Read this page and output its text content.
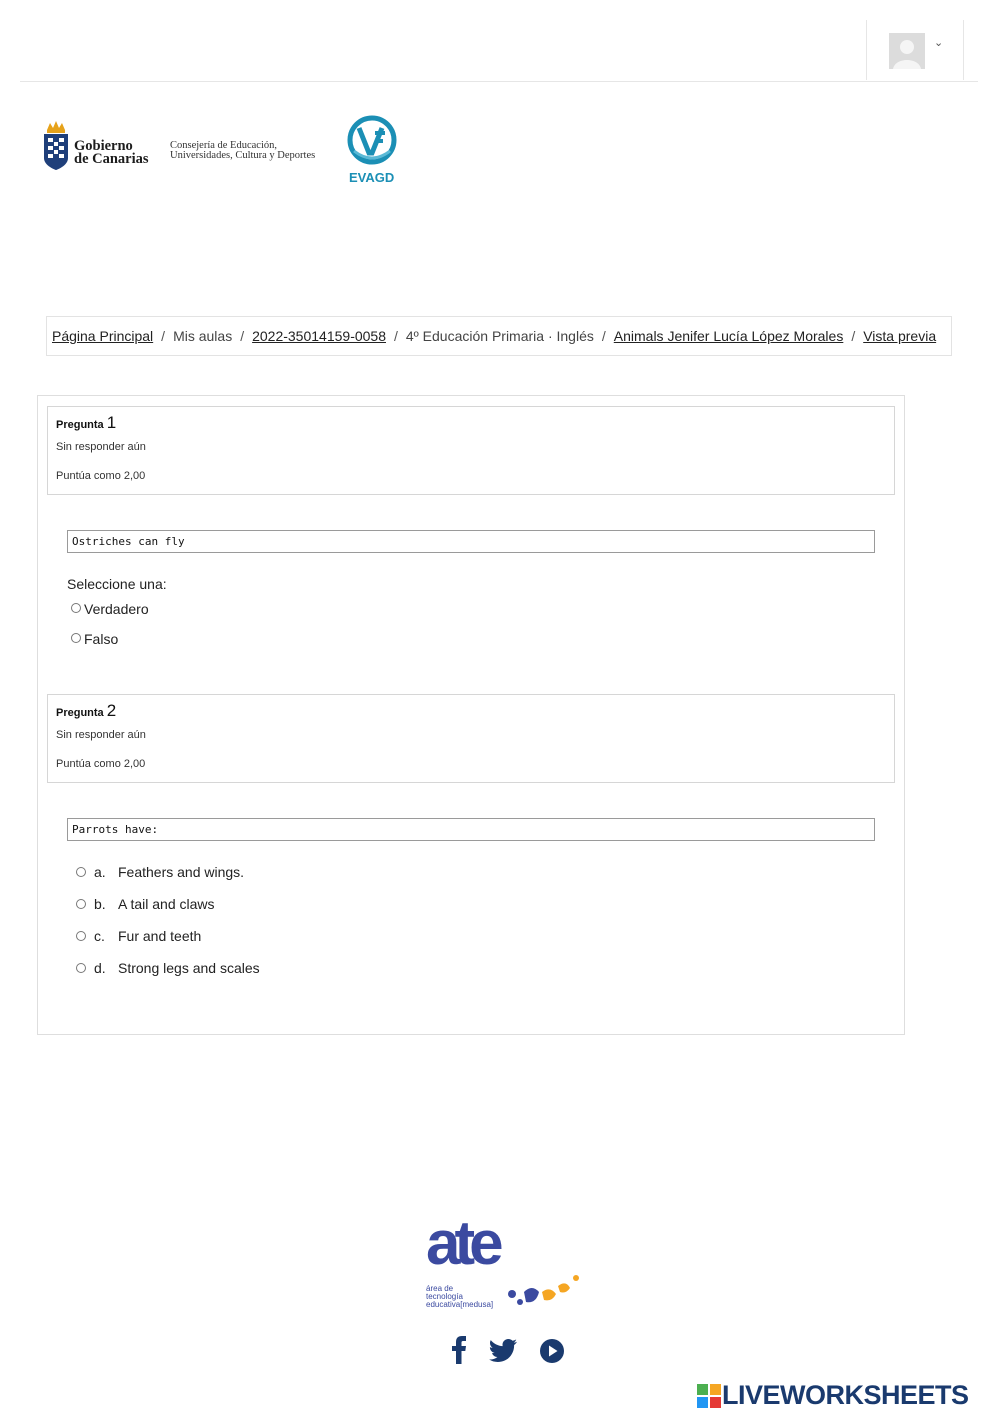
⌄
Gobierno
de Canarias
Consejería de Educación,
Universidades, Cultura y Deportes
EVAGD
Página Principal / Mis aulas / 2022-35014159-0058 / 4º Educación Primaria · Inglés / Animals Jenifer Lucía López Morales / Vista previa
Pregunta 1
Sin responder aún
Puntúa como 2,00
Ostriches can fly
Seleccione una:
Verdadero
Falso
Pregunta 2
Sin responder aún
Puntúa como 2,00
Parrots have:
a. Feathers and wings.
b. A tail and claws
c. Fur and teeth
d. Strong legs and scales
ate
área de
tecnología
educativa[medusa]
LIVEWORKSHEETS
